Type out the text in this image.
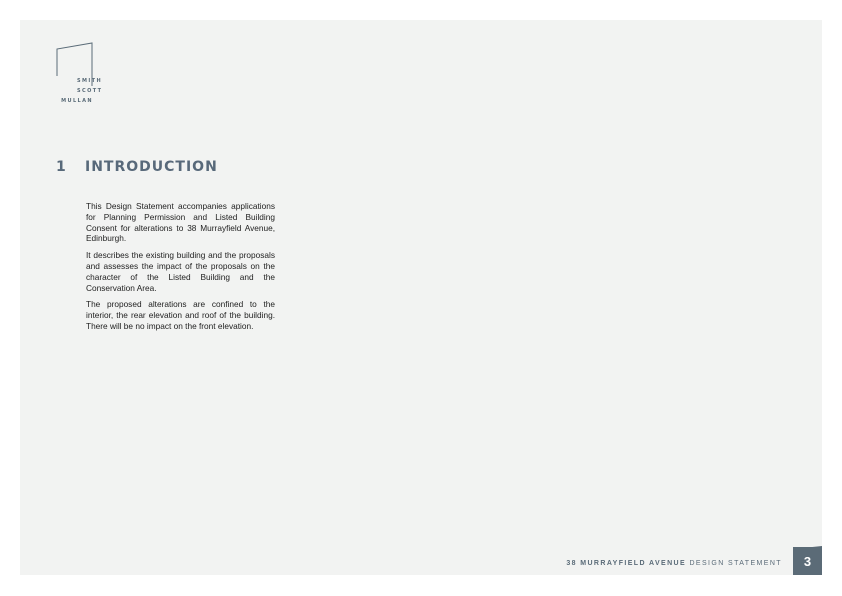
SMITH
SCOTT
MULLAN
1 INTRODUCTION

This Design Statement accompanies applications for Planning Permission and Listed Building Consent for alterations to 38 Murrayfield Avenue, Edinburgh.

It describes the existing building and the proposals and assesses the impact of the proposals on the character of the Listed Building and the Conservation Area.

The proposed alterations are confined to the interior, the rear elevation and roof of the building. There will be no impact on the front elevation.

38 MURRAYFIELD AVENUE DESIGN STATEMENT	3
